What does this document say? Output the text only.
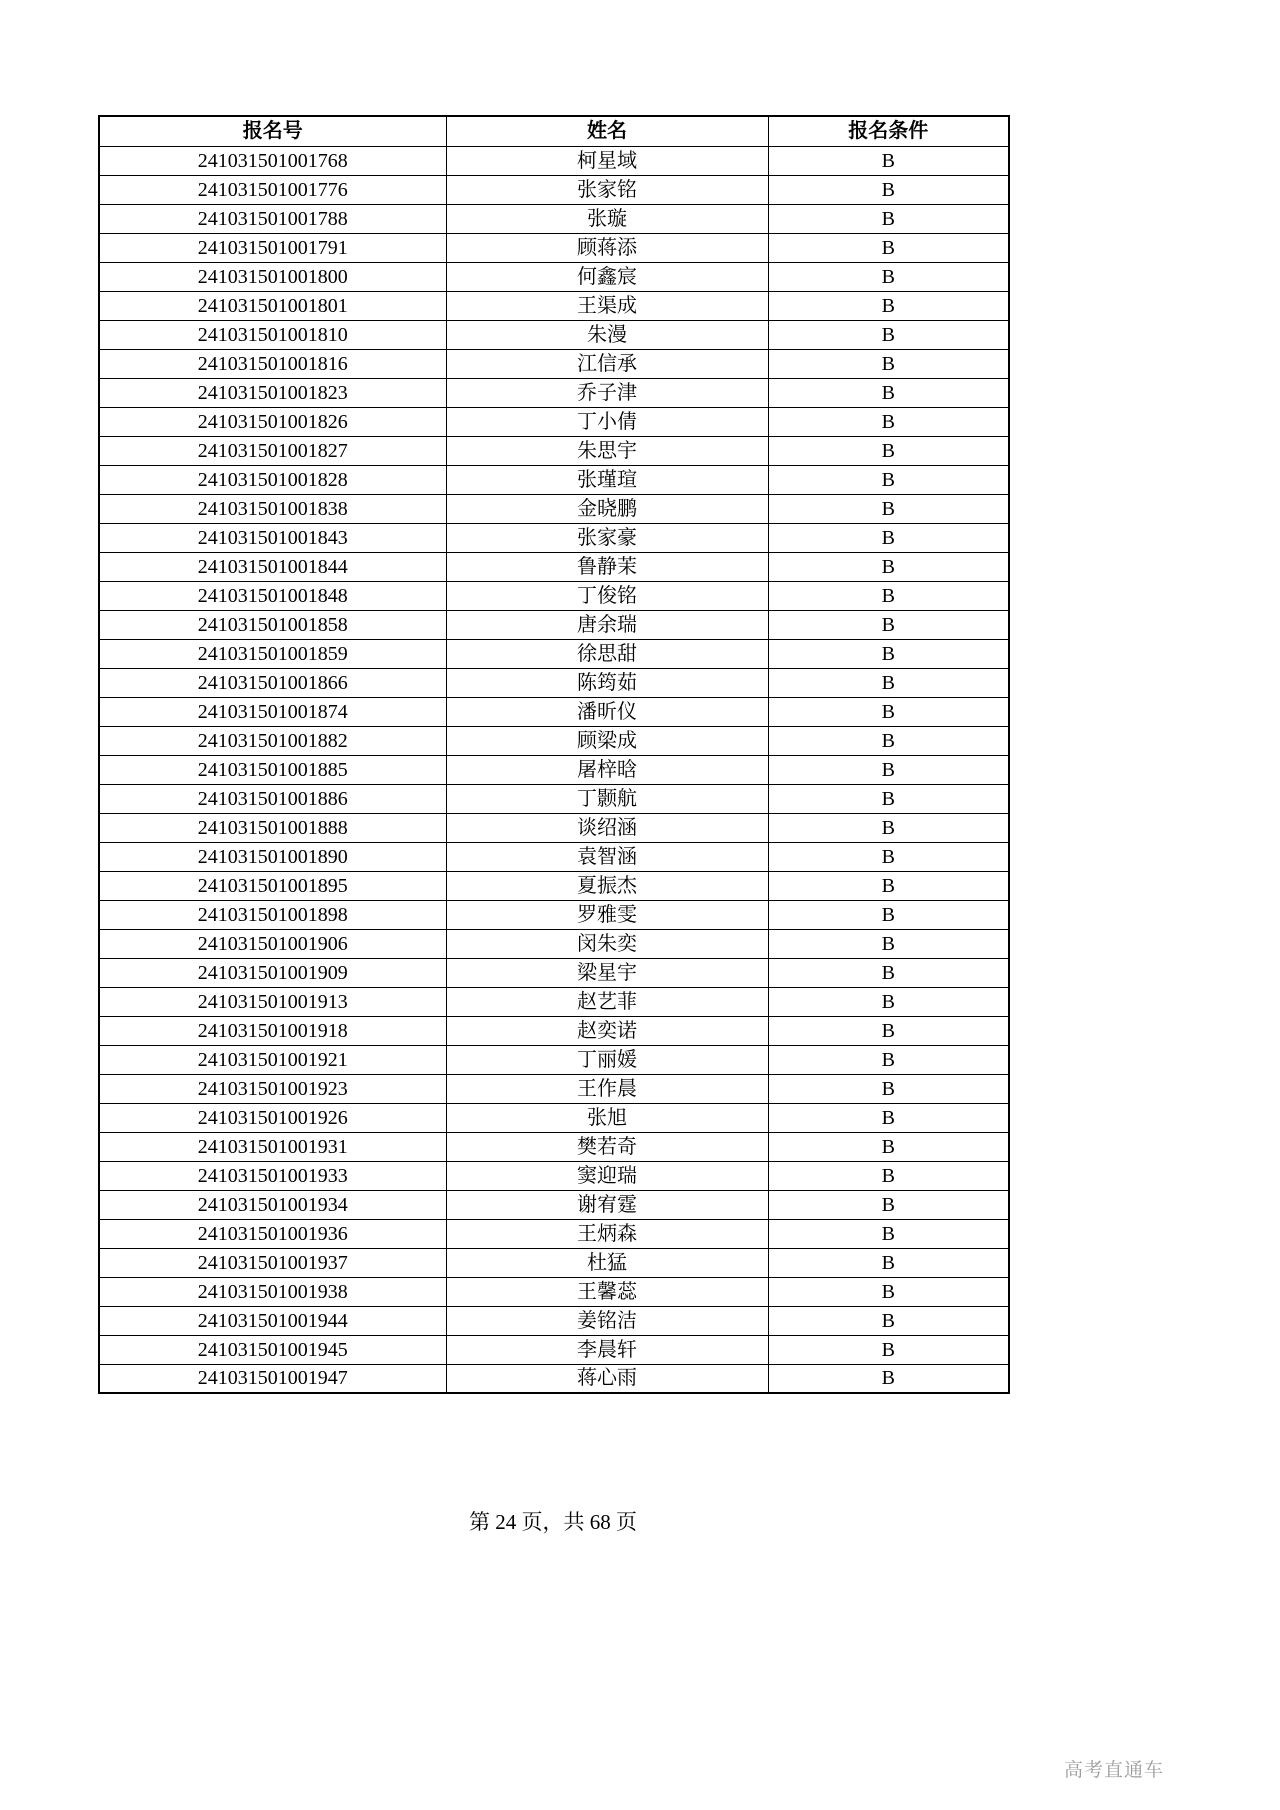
报名号	姓名	报名条件
241031501001768	柯星域	B
241031501001776	张家铭	B
241031501001788	张璇	B
241031501001791	顾蒋添	B
241031501001800	何鑫宸	B
241031501001801	王渠成	B
241031501001810	朱漫	B
241031501001816	江信承	B
241031501001823	乔子津	B
241031501001826	丁小倩	B
241031501001827	朱思宇	B
241031501001828	张瑾瑄	B
241031501001838	金晓鹏	B
241031501001843	张家豪	B
241031501001844	鲁静茉	B
241031501001848	丁俊铭	B
241031501001858	唐余瑞	B
241031501001859	徐思甜	B
241031501001866	陈筠茹	B
241031501001874	潘昕仪	B
241031501001882	顾梁成	B
241031501001885	屠梓晗	B
241031501001886	丁颢航	B
241031501001888	谈绍涵	B
241031501001890	袁智涵	B
241031501001895	夏振杰	B
241031501001898	罗雅雯	B
241031501001906	闵朱奕	B
241031501001909	梁星宇	B
241031501001913	赵艺菲	B
241031501001918	赵奕诺	B
241031501001921	丁丽媛	B
241031501001923	王作晨	B
241031501001926	张旭	B
241031501001931	樊若奇	B
241031501001933	窦迎瑞	B
241031501001934	谢宥霆	B
241031501001936	王炳森	B
241031501001937	杜猛	B
241031501001938	王馨蕊	B
241031501001944	姜铭洁	B
241031501001945	李晨轩	B
241031501001947	蒋心雨	B
第 24 页，共 68 页
高考直通车
